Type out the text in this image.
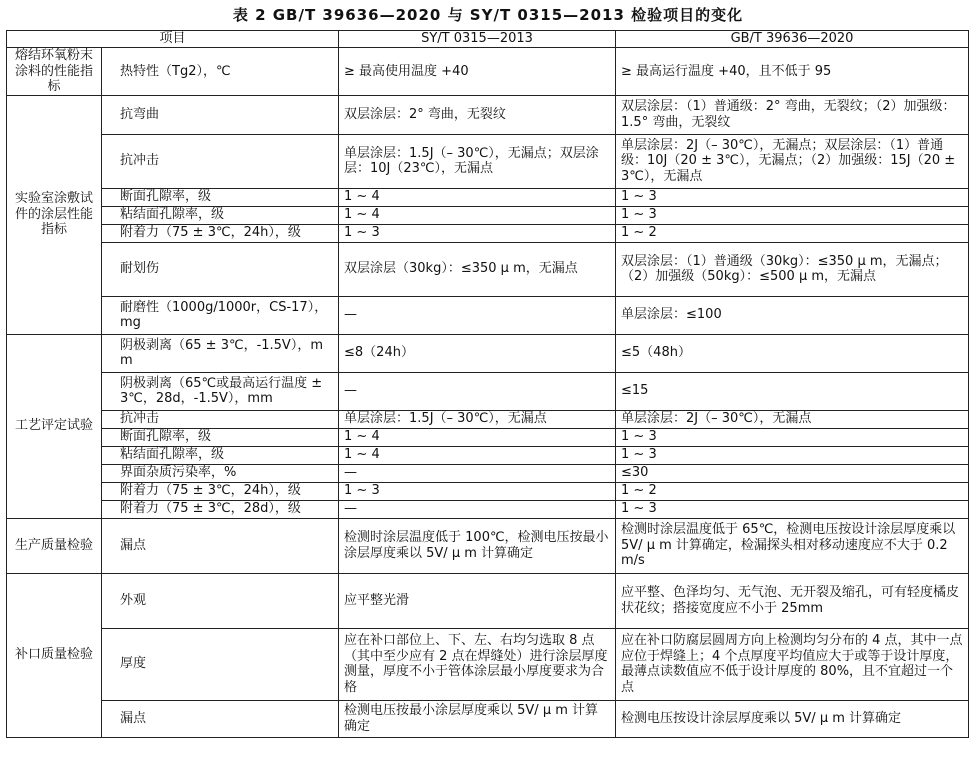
表 2 GB/T 39636—2020 与 SY/T 0315—2013 检验项目的变化
项目		SY/T 0315—2013	GB/T 39636—2020
熔结环氧粉末涂料的性能指标	热特性（Tg2），℃	≥ 最高使用温度 +40	≥ 最高运行温度 +40，且不低于 95
实验室涂敷试件的涂层性能指标	抗弯曲	双层涂层：2° 弯曲，无裂纹	双层涂层：（1）普通级：2° 弯曲，无裂纹；（2）加强级：1.5° 弯曲，无裂纹
	抗冲击	单层涂层：1.5J（– 30℃），无漏点；双层涂层：10J（23℃），无漏点	单层涂层：2J（– 30℃），无漏点；双层涂层：（1）普通级：10J（20 ± 3℃），无漏点；（2）加强级：15J（20 ± 3℃），无漏点
	断面孔隙率，级	1 ~ 4	1 ~ 3
	粘结面孔隙率，级	1 ~ 4	1 ~ 3
	附着力（75 ± 3℃，24h），级	1 ~ 3	1 ~ 2
	耐划伤	双层涂层（30kg）：≤350 μ m，无漏点	双层涂层：（1）普通级（30kg）：≤350 μ m，无漏点；（2）加强级（50kg）：≤500 μ m，无漏点
	耐磨性（1000g/1000r，CS-17），mg	—	单层涂层：≤100
工艺评定试验	阴极剥离（65 ± 3℃，-1.5V），mm	≤8（24h）	≤5（48h）
	阴极剥离（65℃或最高运行温度 ± 3℃，28d，-1.5V），mm	—	≤15
	抗冲击	单层涂层：1.5J（– 30℃），无漏点	单层涂层：2J（– 30℃），无漏点
	断面孔隙率，级	1 ~ 4	1 ~ 3
	粘结面孔隙率，级	1 ~ 4	1 ~ 3
	界面杂质污染率，%	—	≤30
	附着力（75 ± 3℃，24h），级	1 ~ 3	1 ~ 2
	附着力（75 ± 3℃，28d），级	—	1 ~ 3
生产质量检验	漏点	检测时涂层温度低于 100℃，检测电压按最小涂层厚度乘以 5V/ μ m 计算确定	检测时涂层温度低于 65℃，检测电压按设计涂层厚度乘以 5V/ μ m 计算确定，检漏探头相对移动速度应不大于 0.2m/s
补口质量检验	外观	应平整光滑	应平整、色泽均匀、无气泡、无开裂及缩孔，可有轻度橘皮状花纹；搭接宽度应不小于 25mm
	厚度	应在补口部位上、下、左、右均匀选取 8 点（其中至少应有 2 点在焊缝处）进行涂层厚度测量，厚度不小于管体涂层最小厚度要求为合格	应在补口防腐层圆周方向上检测均匀分布的 4 点，其中一点应位于焊缝上；4 个点厚度平均值应大于或等于设计厚度，最薄点读数值应不低于设计厚度的 80%，且不宜超过一个点
	漏点	检测电压按最小涂层厚度乘以 5V/ μ m 计算确定	检测电压按设计涂层厚度乘以 5V/ μ m 计算确定
